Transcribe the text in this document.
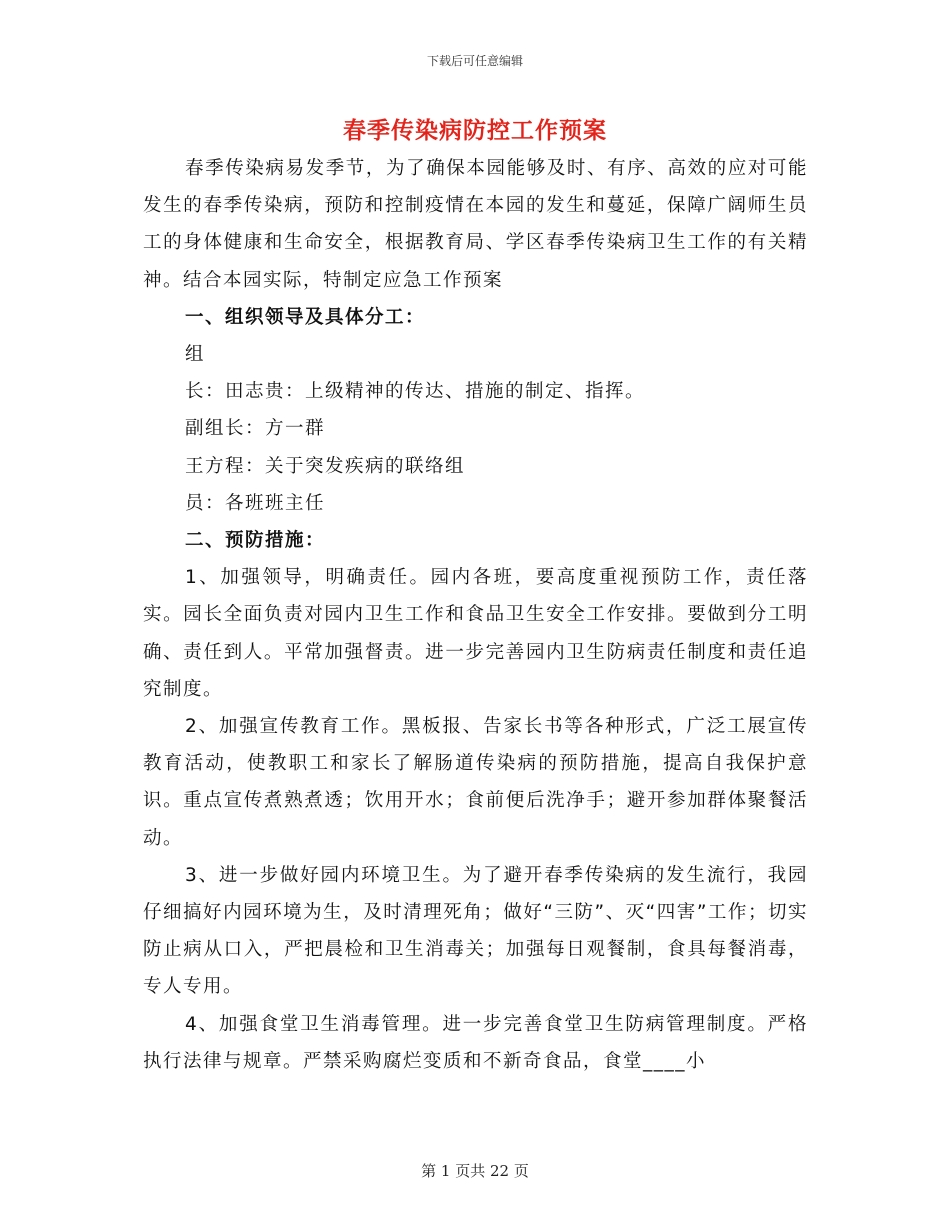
下载后可任意编辑
春季传染病防控工作预案

春季传染病易发季节，为了确保本园能够及时、有序、高效的应对可能发生的春季传染病，预防和控制疫情在本园的发生和蔓延，保障广阔师生员工的身体健康和生命安全，根据教育局、学区春季传染病卫生工作的有关精神。结合本园实际，特制定应急工作预案

一、组织领导及具体分工：

组

长：田志贵：上级精神的传达、措施的制定、指挥。

副组长：方一群

王方程：关于突发疾病的联络组

员：各班班主任

二、预防措施：

1、加强领导，明确责任。园内各班，要高度重视预防工作，责任落实。园长全面负责对园内卫生工作和食品卫生安全工作安排。要做到分工明确、责任到人。平常加强督责。进一步完善园内卫生防病责任制度和责任追究制度。

2、加强宣传教育工作。黑板报、告家长书等各种形式，广泛工展宣传教育活动，使教职工和家长了解肠道传染病的预防措施，提高自我保护意识。重点宣传煮熟煮透；饮用开水；食前便后洗净手；避开参加群体聚餐活动。

3、进一步做好园内环境卫生。为了避开春季传染病的发生流行，我园仔细搞好内园环境为生，及时清理死角；做好“三防”、灭“四害”工作；切实防止病从口入，严把晨检和卫生消毒关；加强每日观餐制，食具每餐消毒，专人专用。

4、加强食堂卫生消毒管理。进一步完善食堂卫生防病管理制度。严格执行法律与规章。严禁采购腐烂变质和不新奇食品，食堂____小

第 1 页共 22 页
